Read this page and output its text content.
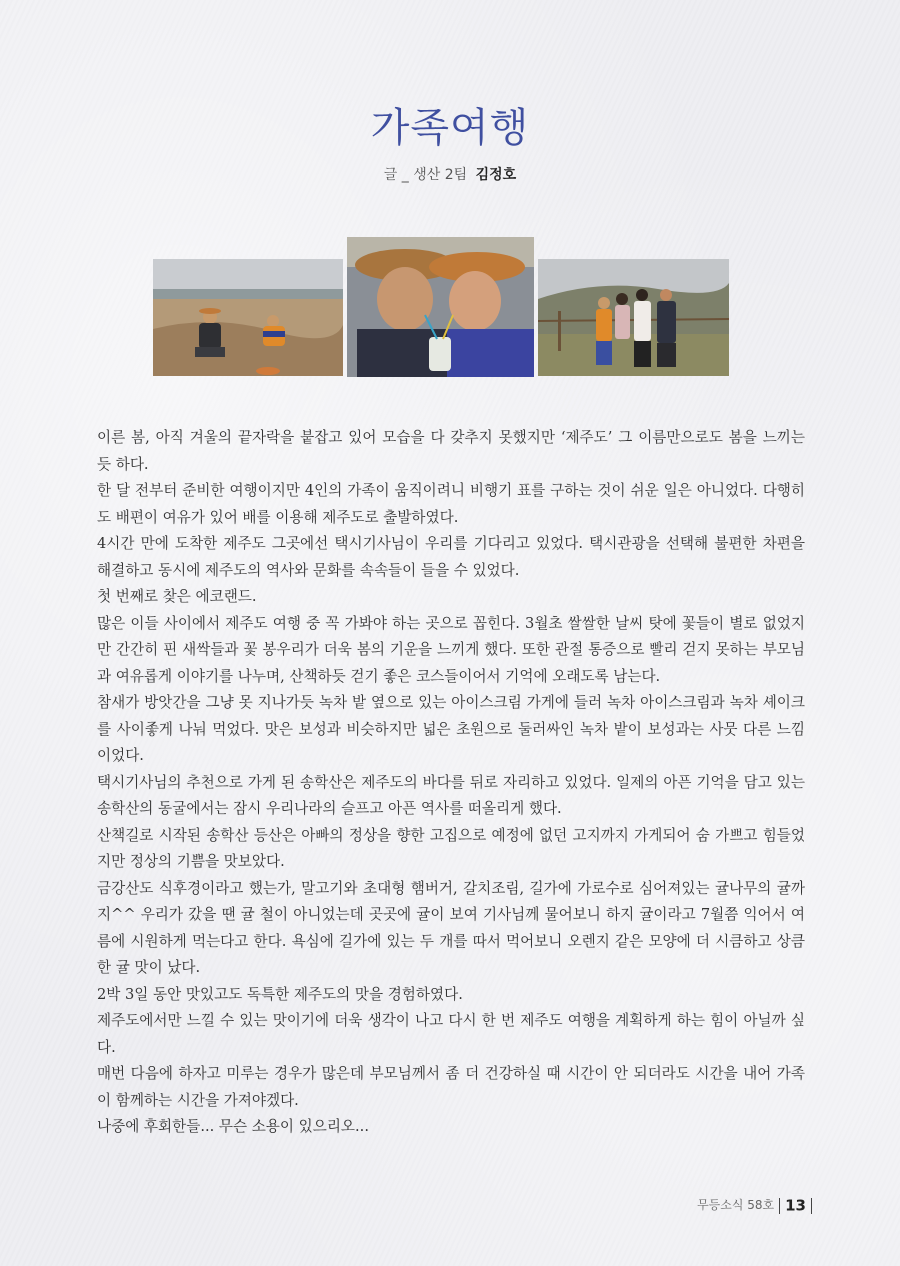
가족여행
글 _ 생산 2팀 김정호

이른 봄, 아직 겨울의 끝자락을 붙잡고 있어 모습을 다 갖추지 못했지만 ‘제주도’ 그 이름만으로도 봄을 느끼는 듯 하다.

한 달 전부터 준비한 여행이지만 4인의 가족이 움직이려니 비행기 표를 구하는 것이 쉬운 일은 아니었다. 다행히도 배편이 여유가 있어 배를 이용해 제주도로 출발하였다.

4시간 만에 도착한 제주도 그곳에선 택시기사님이 우리를 기다리고 있었다. 택시관광을 선택해 불편한 차편을 해결하고 동시에 제주도의 역사와 문화를 속속들이 들을 수 있었다.

첫 번째로 찾은 에코랜드.

많은 이들 사이에서 제주도 여행 중 꼭 가봐야 하는 곳으로 꼽힌다. 3월초 쌀쌀한 날씨 탓에 꽃들이 별로 없었지만 간간히 핀 새싹들과 꽃 봉우리가 더욱 봄의 기운을 느끼게 했다. 또한 관절 통증으로 빨리 걷지 못하는 부모님과 여유롭게 이야기를 나누며, 산책하듯 걷기 좋은 코스들이어서 기억에 오래도록 남는다.

참새가 방앗간을 그냥 못 지나가듯 녹차 밭 옆으로 있는 아이스크림 가게에 들러 녹차 아이스크림과 녹차 셰이크를 사이좋게 나눠 먹었다. 맛은 보성과 비슷하지만 넓은 초원으로 둘러싸인 녹차 밭이 보성과는 사뭇 다른 느낌이었다.

택시기사님의 추천으로 가게 된 송학산은 제주도의 바다를 뒤로 자리하고 있었다. 일제의 아픈 기억을 담고 있는 송학산의 동굴에서는 잠시 우리나라의 슬프고 아픈 역사를 떠올리게 했다.

산책길로 시작된 송학산 등산은 아빠의 정상을 향한 고집으로 예정에 없던 고지까지 가게되어 숨 가쁘고 힘들었지만 정상의 기쁨을 맛보았다.

금강산도 식후경이라고 했는가, 말고기와 초대형 햄버거, 갈치조림, 길가에 가로수로 심어져있는 귤나무의 귤까지^^ 우리가 갔을 땐 귤 철이 아니었는데 곳곳에 귤이 보여 기사님께 물어보니 하지 귤이라고 7월쯤 익어서 여름에 시원하게 먹는다고 한다. 욕심에 길가에 있는 두 개를 따서 먹어보니 오렌지 같은 모양에 더 시큼하고 상큼한 귤 맛이 났다.

2박 3일 동안 맛있고도 독특한 제주도의 맛을 경험하였다.

제주도에서만 느낄 수 있는 맛이기에 더욱 생각이 나고 다시 한 번 제주도 여행을 계획하게 하는 힘이 아닐까 싶다.

매번 다음에 하자고 미루는 경우가 많은데 부모님께서 좀 더 건강하실 때 시간이 안 되더라도 시간을 내어 가족이 함께하는 시간을 가져야겠다.

나중에 후회한들... 무슨 소용이 있으리오...

무등소식 58호 13
